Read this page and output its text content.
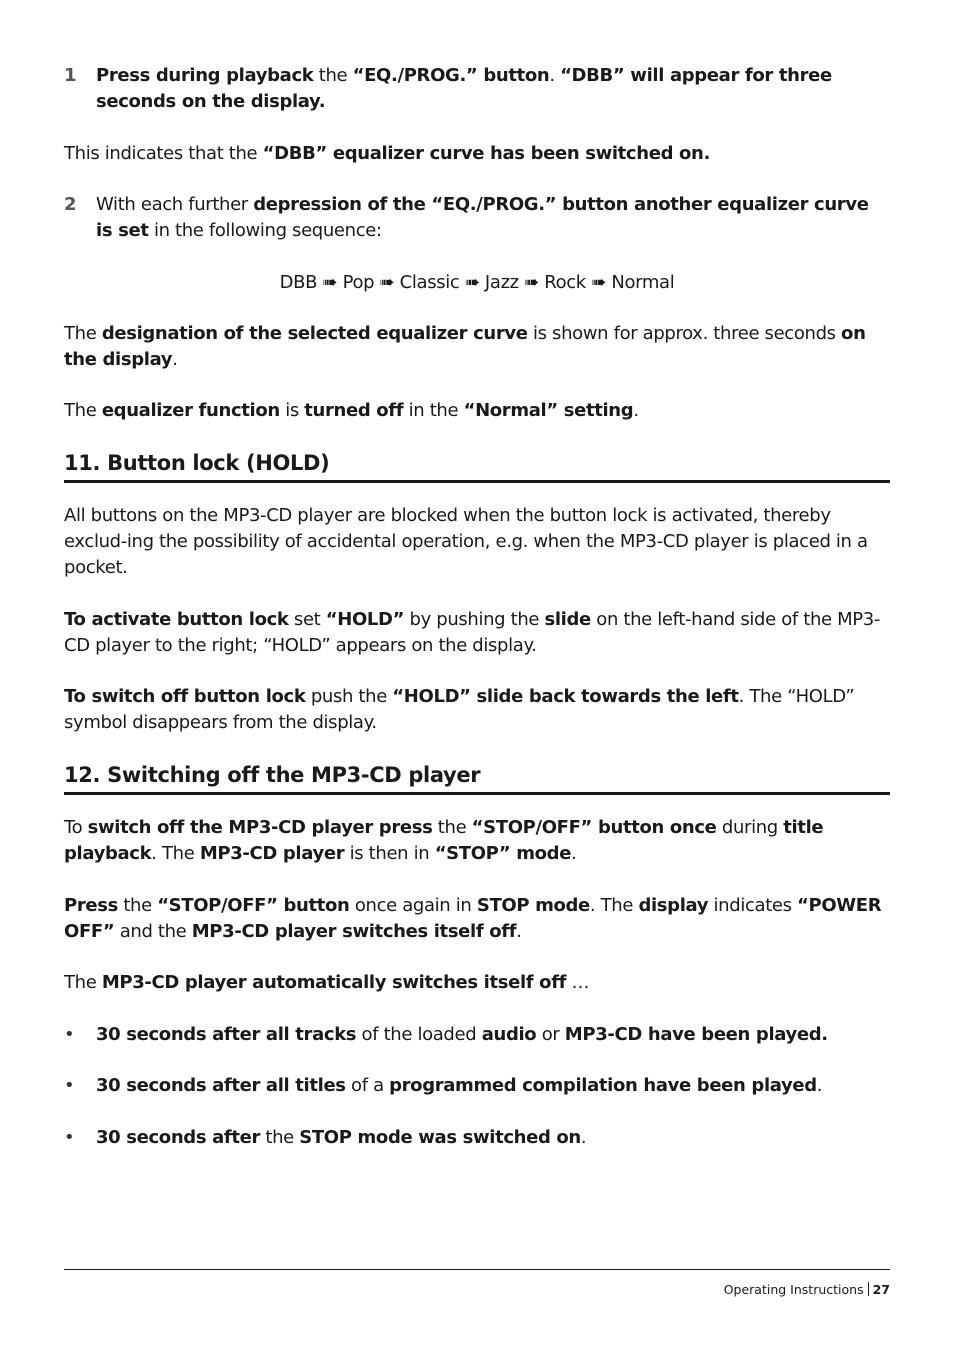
1 Press during playback the “EQ./PROG.” button. “DBB” will appear for three seconds on the display.

This indicates that the “DBB” equalizer curve has been switched on.

2 With each further depression of the “EQ./PROG.” button another equalizer curve is set in the following sequence:

DBB ➠ Pop ➠ Classic ➠ Jazz ➠ Rock ➠ Normal

The designation of the selected equalizer curve is shown for approx. three seconds on the display.

The equalizer function is turned off in the “Normal” setting.

11. Button lock (HOLD)

All buttons on the MP3-CD player are blocked when the button lock is activated, thereby exclud-ing the possibility of accidental operation, e.g. when the MP3-CD player is placed in a pocket.

To activate button lock set “HOLD” by pushing the slide on the left-hand side of the MP3-CD player to the right; “HOLD” appears on the display.

To switch off button lock push the “HOLD” slide back towards the left. The “HOLD” symbol disappears from the display.

12. Switching off the MP3-CD player

To switch off the MP3-CD player press the “STOP/OFF” button once during title playback. The MP3-CD player is then in “STOP” mode.

Press the “STOP/OFF” button once again in STOP mode. The display indicates “POWER OFF” and the MP3-CD player switches itself off.

The MP3-CD player automatically switches itself off …

• 30 seconds after all tracks of the loaded audio or MP3-CD have been played.

• 30 seconds after all titles of a programmed compilation have been played.

• 30 seconds after the STOP mode was switched on.

Operating Instructions 27
